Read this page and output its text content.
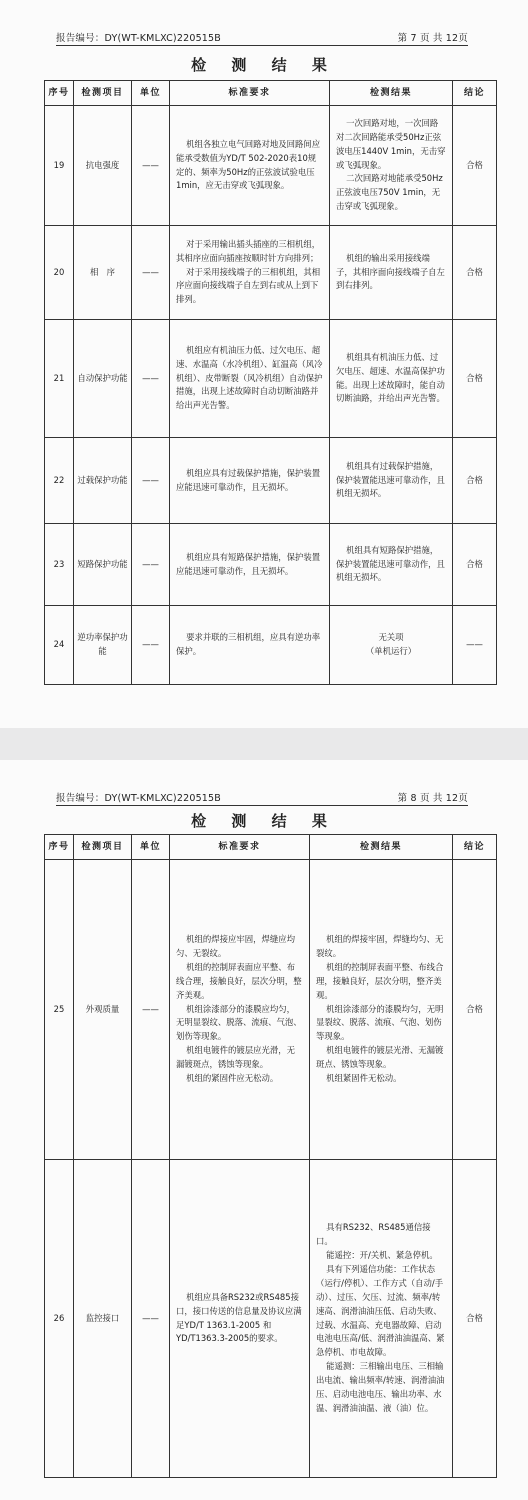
报告编号：DY(WT-KMLXC)220515B	第 7 页 共 12页
检 测 结 果
序号	检测项目	单位	标准要求	检测结果	结论
19	抗电强度	——	机组各独立电气回路对地及回路间应能承受数值为YD/T 502-2020表10规定的、频率为50Hz的正弦波试验电压1min，应无击穿或飞弧现象。	一次回路对地，一次回路对二次回路能承受50Hz正弦波电压1440V 1min，无击穿或飞弧现象。
二次回路对地能承受50Hz正弦波电压750V 1min，无击穿或飞弧现象。	合格
20	相　序	——	对于采用输出插头插座的三相机组，其相序应面向插座按顺时针方向排列；
对于采用接线端子的三相机组，其相序应面向接线端子自左到右或从上到下排列。	机组的输出采用接线端子，其相序面向接线端子自左到右排列。	合格
21	自动保护功能	——	机组应有机油压力低、过欠电压、超速、水温高（水冷机组）、缸温高（风冷机组）、皮带断裂（风冷机组）自动保护措施，出现上述故障时自动切断油路并给出声光告警。	机组具有机油压力低、过欠电压、超速、水温高保护功能。出现上述故障时，能自动切断油路，并给出声光告警。	合格
22	过载保护功能	——	机组应具有过载保护措施，保护装置应能迅速可靠动作，且无损坏。	机组具有过载保护措施，保护装置能迅速可靠动作，且机组无损坏。	合格
23	短路保护功能	——	机组应具有短路保护措施，保护装置应能迅速可靠动作，且无损坏。	机组具有短路保护措施，保护装置能迅速可靠动作，且机组无损坏。	合格
24	逆功率保护功能	——	要求并联的三相机组，应具有逆功率保护。	无关项
（单机运行）	——
报告编号：DY(WT-KMLXC)220515B	第 8 页 共 12页
检 测 结 果
序号	检测项目	单位	标准要求	检测结果	结论
25	外观质量	——	机组的焊接应牢固，焊缝应均匀、无裂纹。
机组的控制屏表面应平整、布线合理，接触良好，层次分明，整齐美观。
机组涂漆部分的漆膜应均匀，无明显裂纹、脱落、流痕、气泡、划伤等现象。
机组电镀件的镀层应光滑，无漏镀斑点，锈蚀等现象。
机组的紧固件应无松动。	机组的焊接牢固，焊缝均匀、无裂纹。
机组的控制屏表面平整、布线合理，接触良好，层次分明，整齐美观。
机组涂漆部分的漆膜均匀，无明显裂纹、脱落、流痕、气泡、划伤等现象。
机组电镀件的镀层光滑、无漏镀斑点、锈蚀等现象。
机组紧固件无松动。	合格
26	监控接口	——	机组应具备RS232或RS485接口，接口传送的信息量及协议应满足YD/T 1363.1-2005 和 YD/T1363.3-2005的要求。	具有RS232、RS485通信接口。
能遥控：开/关机、紧急停机。
具有下列遥信功能：工作状态（运行/停机）、工作方式（自动/手动）、过压、欠压、过流、频率/转速高、润滑油油压低、启动失败、过载、水温高、充电器故障、启动电池电压高/低、润滑油油温高、紧急停机、市电故障。
能遥测：三相输出电压、三相输出电流、输出频率/转速、润滑油油压、启动电池电压、输出功率、水温、润滑油油温、液（油）位。	合格
